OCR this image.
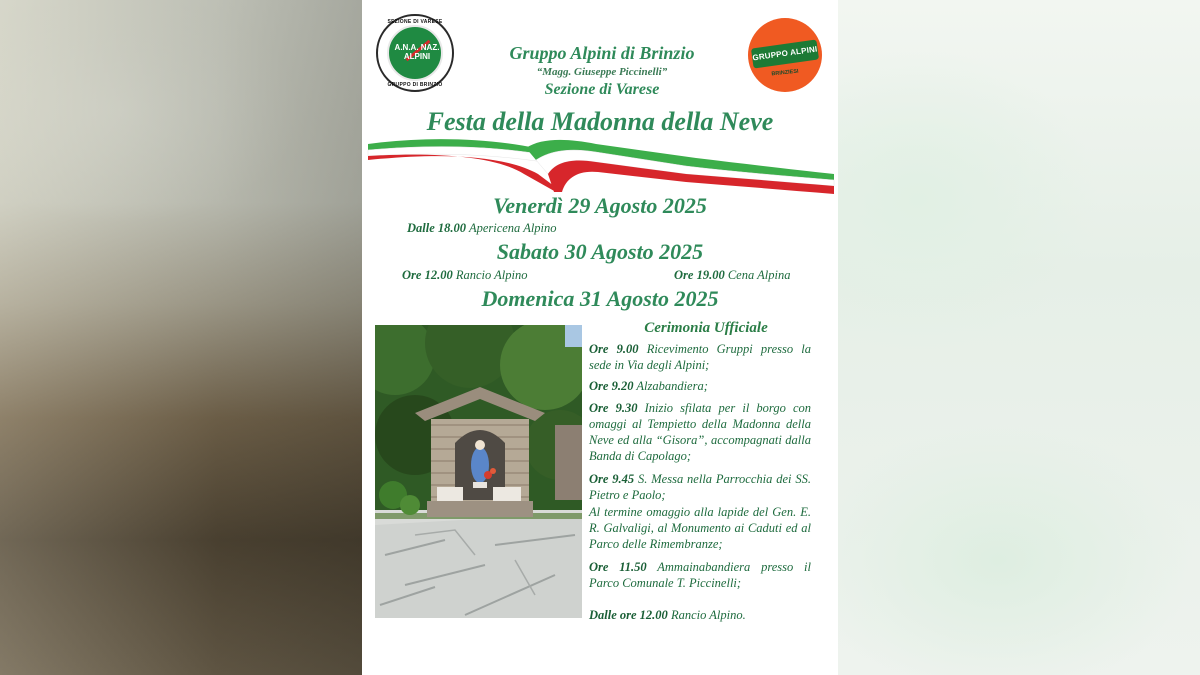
SEZIONE DI VARESE
A.N.A. NAZ. ALPINI
GRUPPO DI BRINZIO
GRUPPO ALPINI
BRINZIESI
Gruppo Alpini di Brinzio
“Magg. Giuseppe Piccinelli”
Sezione di Varese
Festa della Madonna della Neve
Venerdì 29 Agosto 2025
Dalle 18.00 Apericena Alpino
Sabato 30 Agosto 2025
Ore 12.00 Rancio Alpino	Ore 19.00 Cena Alpina
Domenica 31 Agosto 2025
Cerimonia Ufficiale
Ore 9.00 Ricevimento Gruppi presso la sede in Via degli Alpini;
Ore 9.20 Alzabandiera;
Ore 9.30 Inizio sfilata per il borgo con omaggi al Tempietto della Madonna della Neve ed alla “Gisora”, accompagnati dalla Banda di Capolago;
Ore 9.45 S. Messa nella Parrocchia dei SS. Pietro e Paolo;
Al termine omaggio alla lapide del Gen. E. R. Galvaligi, al Monumento ai Caduti ed al Parco delle Rimembranze;
Ore 11.50 Ammainabandiera presso il Parco Comunale T. Piccinelli;
Dalle ore 12.00 Rancio Alpino.
